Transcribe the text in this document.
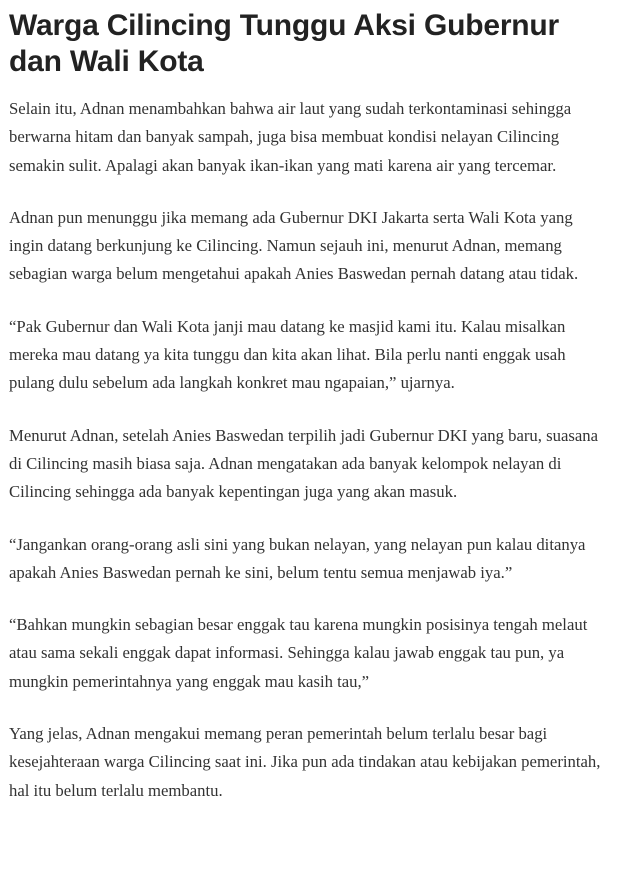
Warga Cilincing Tunggu Aksi Gubernur dan Wali Kota

Selain itu, Adnan menambahkan bahwa air laut yang sudah terkontaminasi sehingga berwarna hitam dan banyak sampah, juga bisa membuat kondisi nelayan Cilincing semakin sulit. Apalagi akan banyak ikan-ikan yang mati karena air yang tercemar.

Adnan pun menunggu jika memang ada Gubernur DKI Jakarta serta Wali Kota yang ingin datang berkunjung ke Cilincing. Namun sejauh ini, menurut Adnan, memang sebagian warga belum mengetahui apakah Anies Baswedan pernah datang atau tidak.

“Pak Gubernur dan Wali Kota janji mau datang ke masjid kami itu. Kalau misalkan mereka mau datang ya kita tunggu dan kita akan lihat. Bila perlu nanti enggak usah pulang dulu sebelum ada langkah konkret mau ngapaian,” ujarnya.

Menurut Adnan, setelah Anies Baswedan terpilih jadi Gubernur DKI yang baru, suasana di Cilincing masih biasa saja. Adnan mengatakan ada banyak kelompok nelayan di Cilincing sehingga ada banyak kepentingan juga yang akan masuk.

“Jangankan orang-orang asli sini yang bukan nelayan, yang nelayan pun kalau ditanya apakah Anies Baswedan pernah ke sini, belum tentu semua menjawab iya.”

“Bahkan mungkin sebagian besar enggak tau karena mungkin posisinya tengah melaut atau sama sekali enggak dapat informasi. Sehingga kalau jawab enggak tau pun, ya mungkin pemerintahnya yang enggak mau kasih tau,”

Yang jelas, Adnan mengakui memang peran pemerintah belum terlalu besar bagi kesejahteraan warga Cilincing saat ini. Jika pun ada tindakan atau kebijakan pemerintah, hal itu belum terlalu membantu.
